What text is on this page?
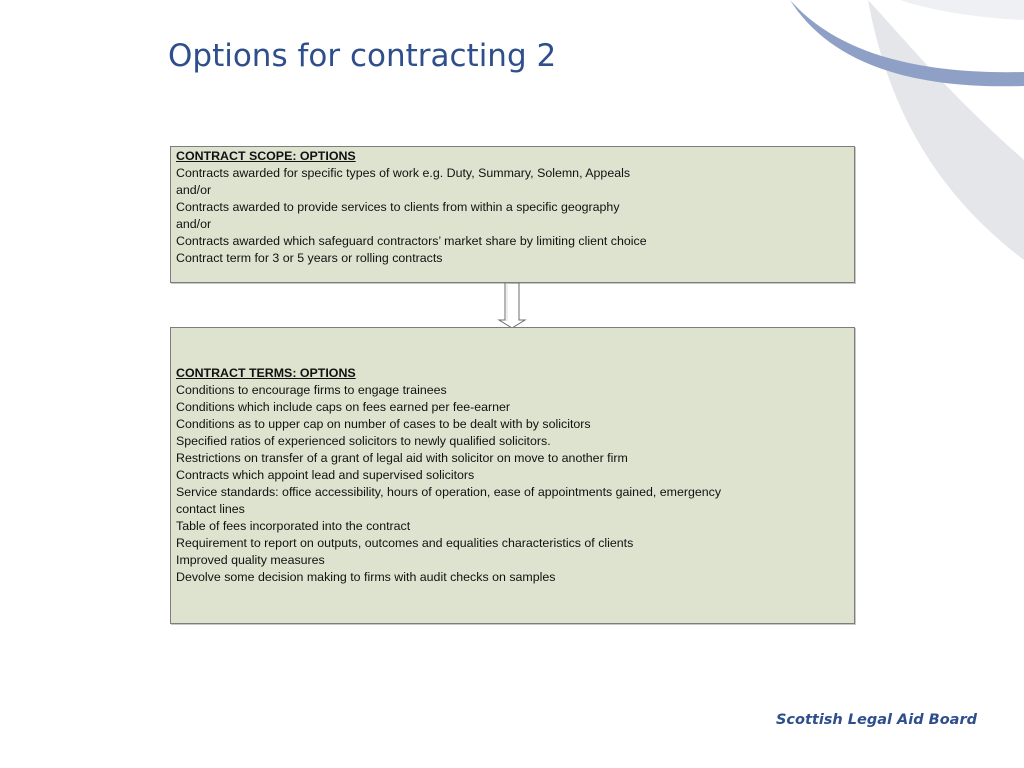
Options for contracting 2
CONTRACT SCOPE: OPTIONS
Contracts awarded for specific types of work e.g. Duty, Summary, Solemn, Appeals
and/or
Contracts awarded to provide services to clients from within a specific geography
and/or
Contracts awarded which safeguard contractors’ market share by limiting client choice
Contract term for 3 or 5 years or rolling contracts
CONTRACT TERMS: OPTIONS
Conditions to encourage firms to engage trainees
Conditions which include caps on fees earned per fee-earner
Conditions as to upper cap on number of cases to be dealt with by solicitors
Specified ratios of experienced solicitors to newly qualified solicitors.
Restrictions on transfer of a grant of legal aid with solicitor on move to another firm
Contracts which appoint lead and supervised solicitors
Service standards: office accessibility, hours of operation, ease of appointments gained, emergency
contact lines
Table of fees incorporated into the contract
Requirement to report on outputs, outcomes and equalities characteristics of clients
Improved quality measures
Devolve some decision making to firms with audit checks on samples
Scottish Legal Aid Board
